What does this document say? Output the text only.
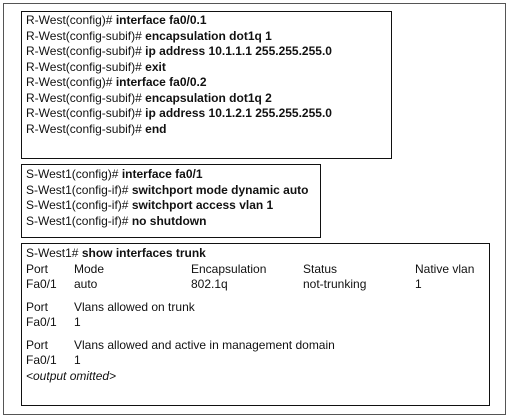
R-West(config)# interface fa0/0.1
R-West(config-subif)# encapsulation dot1q 1
R-West(config-subif)# ip address 10.1.1.1 255.255.255.0
R-West(config-subif)# exit
R-West(config)# interface fa0/0.2
R-West(config-subif)# encapsulation dot1q 2
R-West(config-subif)# ip address 10.1.2.1 255.255.255.0
R-West(config-subif)# end
S-West1(config)# interface fa0/1
S-West1(config-if)# switchport mode dynamic auto
S-West1(config-if)# switchport access vlan 1
S-West1(config-if)# no shutdown
S-West1# show interfaces trunk
Port Mode	Encapsulation	Status	Native vlan
Fa0/1 auto	802.1q	not-trunking	1
Port Vlans allowed on trunk
Fa0/1 1
Port Vlans allowed and active in management domain
Fa0/1 1
<output omitted>
